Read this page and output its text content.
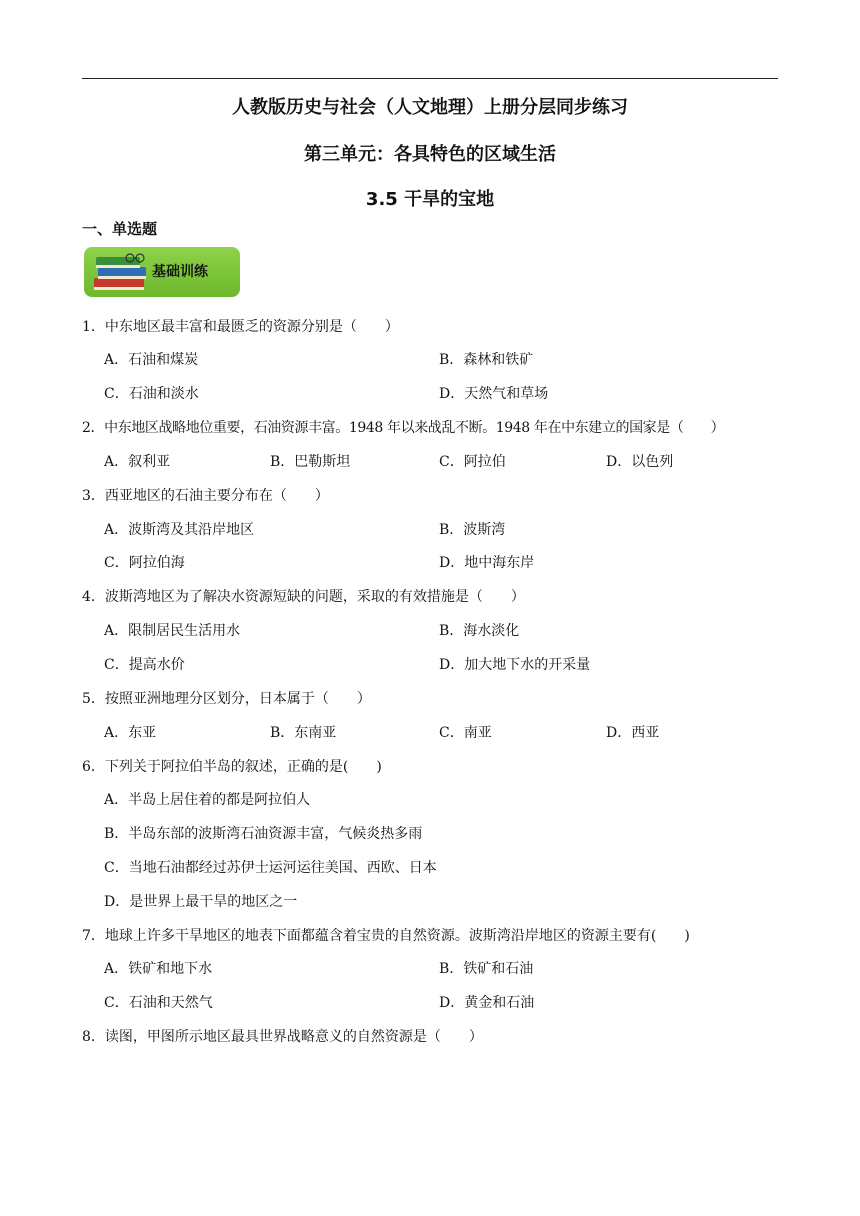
人教版历史与社会（人文地理）上册分层同步练习
第三单元：各具特色的区域生活
3.5 干旱的宝地
一、单选题
基础训练
1．中东地区最丰富和最匮乏的资源分别是（　　）
A．石油和煤炭	B．森林和铁矿
C．石油和淡水	D．天然气和草场
2．中东地区战略地位重要，石油资源丰富。1948 年以来战乱不断。1948 年在中东建立的国家是（　　）
A．叙利亚	B．巴勒斯坦	C．阿拉伯	D．以色列
3．西亚地区的石油主要分布在（　　）
A．波斯湾及其沿岸地区	B．波斯湾
C．阿拉伯海	D．地中海东岸
4．波斯湾地区为了解决水资源短缺的问题，采取的有效措施是（　　）
A．限制居民生活用水	B．海水淡化
C．提高水价	D．加大地下水的开采量
5．按照亚洲地理分区划分，日本属于（　　）
A．东亚	B．东南亚	C．南亚	D．西亚
6．下列关于阿拉伯半岛的叙述，正确的是(　　)
A．半岛上居住着的都是阿拉伯人
B．半岛东部的波斯湾石油资源丰富，气候炎热多雨
C．当地石油都经过苏伊士运河运往美国、西欧、日本
D．是世界上最干旱的地区之一
7．地球上许多干旱地区的地表下面都蕴含着宝贵的自然资源。波斯湾沿岸地区的资源主要有(　　)
A．铁矿和地下水	B．铁矿和石油
C．石油和天然气	D．黄金和石油
8．读图，甲图所示地区最具世界战略意义的自然资源是（　　）
